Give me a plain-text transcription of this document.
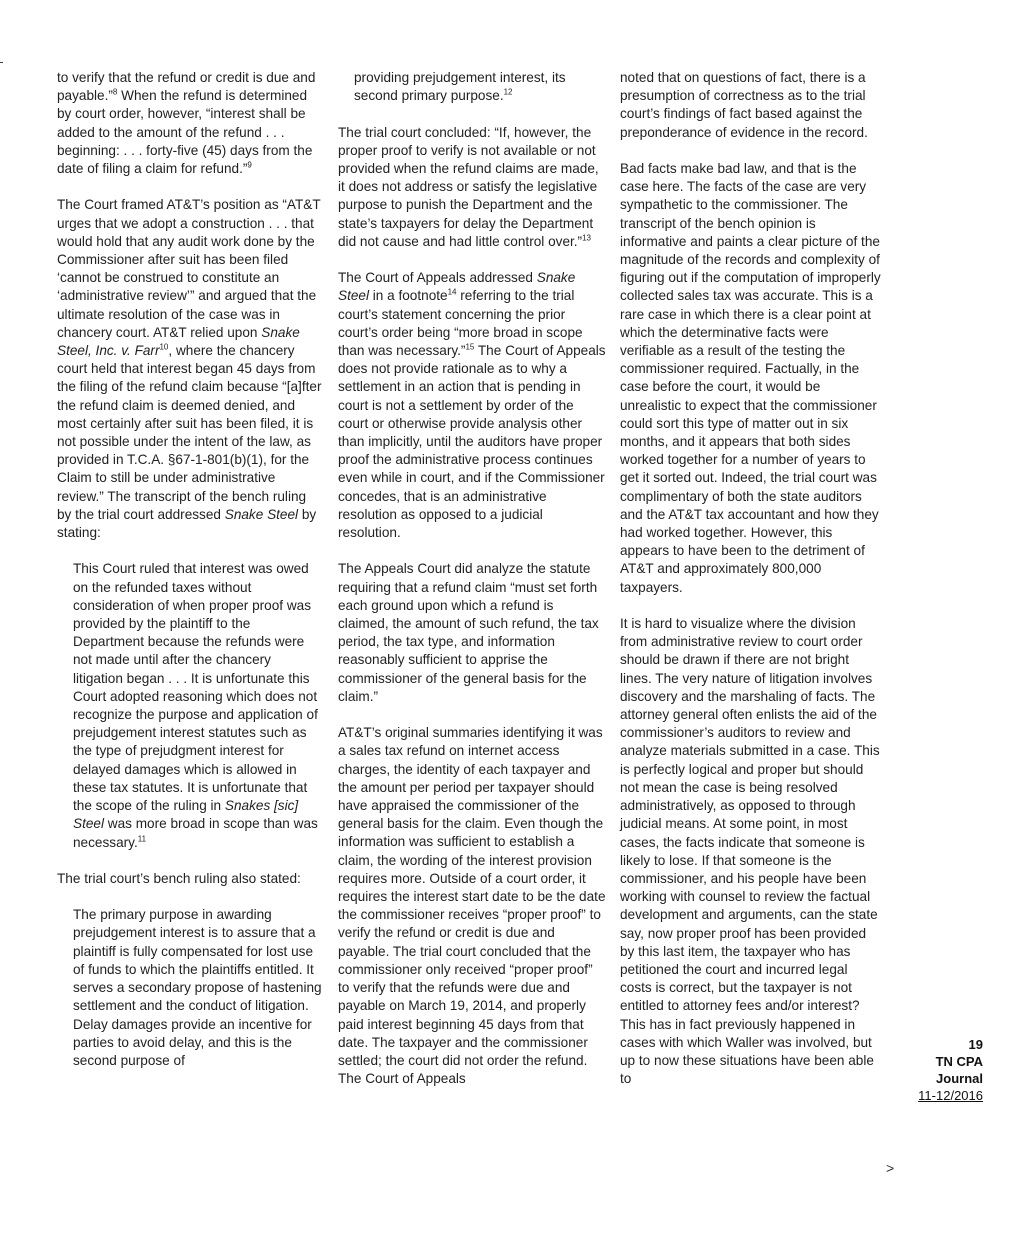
to verify that the refund or credit is due and payable.”$^8$ When the refund is determined by court order, however, “interest shall be added to the amount of the refund . . . beginning: . . . forty-five (45) days from the date of filing a claim for refund.”$^9$

The Court framed AT&T’s position as “AT&T urges that we adopt a construction . . . that would hold that any audit work done by the Commissioner after suit has been filed ‘cannot be construed to constitute an ‘administrative review’” and argued that the ultimate resolution of the case was in chancery court. AT&T relied upon Snake Steel, Inc. v. Farr$^{10}$, where the chancery court held that interest began 45 days from the filing of the refund claim because “[a]fter the refund claim is deemed denied, and most certainly after suit has been filed, it is not possible under the intent of the law, as provided in T.C.A. §67-1-801(b)(1), for the Claim to still be under administrative review.” The transcript of the bench ruling by the trial court addressed Snake Steel by stating:

This Court ruled that interest was owed on the refunded taxes without consideration of when proper proof was provided by the plaintiff to the Department because the refunds were not made until after the chancery litigation began . . . It is unfortunate this Court adopted reasoning which does not recognize the purpose and application of prejudgement interest statutes such as the type of prejudgment interest for delayed damages which is allowed in these tax statutes. It is unfortunate that the scope of the ruling in Snakes [sic] Steel was more broad in scope than was necessary.$^{11}$

The trial court’s bench ruling also stated:

The primary purpose in awarding prejudgement interest is to assure that a plaintiff is fully compensated for lost use of funds to which the plaintiffs entitled. It serves a secondary propose of hastening settlement and the conduct of litigation. Delay damages provide an incentive for parties to avoid delay, and this is the second purpose of

providing prejudgement interest, its second primary purpose.$^{12}$

The trial court concluded: “If, however, the proper proof to verify is not available or not provided when the refund claims are made, it does not address or satisfy the legislative purpose to punish the Department and the state’s taxpayers for delay the Department did not cause and had little control over.”$^{13}$

The Court of Appeals addressed Snake Steel in a footnote$^{14}$ referring to the trial court’s statement concerning the prior court’s order being “more broad in scope than was necessary.”$^{15}$ The Court of Appeals does not provide rationale as to why a settlement in an action that is pending in court is not a settlement by order of the court or otherwise provide analysis other than implicitly, until the auditors have proper proof the administrative process continues even while in court, and if the Commissioner concedes, that is an administrative resolution as opposed to a judicial resolution.

The Appeals Court did analyze the statute requiring that a refund claim “must set forth each ground upon which a refund is claimed, the amount of such refund, the tax period, the tax type, and information reasonably sufficient to apprise the commissioner of the general basis for the claim.”

AT&T’s original summaries identifying it was a sales tax refund on internet access charges, the identity of each taxpayer and the amount per period per taxpayer should have appraised the commissioner of the general basis for the claim. Even though the information was sufficient to establish a claim, the wording of the interest provision requires more. Outside of a court order, it requires the interest start date to be the date the commissioner receives “proper proof” to verify the refund or credit is due and payable. The trial court concluded that the commissioner only received “proper proof” to verify that the refunds were due and payable on March 19, 2014, and properly paid interest beginning 45 days from that date. The taxpayer and the commissioner settled; the court did not order the refund. The Court of Appeals

noted that on questions of fact, there is a presumption of correctness as to the trial court’s findings of fact based against the preponderance of evidence in the record.

Bad facts make bad law, and that is the case here. The facts of the case are very sympathetic to the commissioner. The transcript of the bench opinion is informative and paints a clear picture of the magnitude of the records and complexity of figuring out if the computation of improperly collected sales tax was accurate. This is a rare case in which there is a clear point at which the determinative facts were verifiable as a result of the testing the commissioner required. Factually, in the case before the court, it would be unrealistic to expect that the commissioner could sort this type of matter out in six months, and it appears that both sides worked together for a number of years to get it sorted out. Indeed, the trial court was complimentary of both the state auditors and the AT&T tax accountant and how they had worked together. However, this appears to have been to the detriment of AT&T and approximately 800,000 taxpayers.

It is hard to visualize where the division from administrative review to court order should be drawn if there are not bright lines. The very nature of litigation involves discovery and the marshaling of facts. The attorney general often enlists the aid of the commissioner’s auditors to review and analyze materials submitted in a case. This is perfectly logical and proper but should not mean the case is being resolved administratively, as opposed to through judicial means. At some point, in most cases, the facts indicate that someone is likely to lose. If that someone is the commissioner, and his people have been working with counsel to review the factual development and arguments, can the state say, now proper proof has been provided by this last item, the taxpayer who has petitioned the court and incurred legal costs is correct, but the taxpayer is not entitled to attorney fees and/or interest? This has in fact previously happened in cases with which Waller was involved, but up to now these situations have been able to

19
TN CPA
Journal
11-12/2016
>
